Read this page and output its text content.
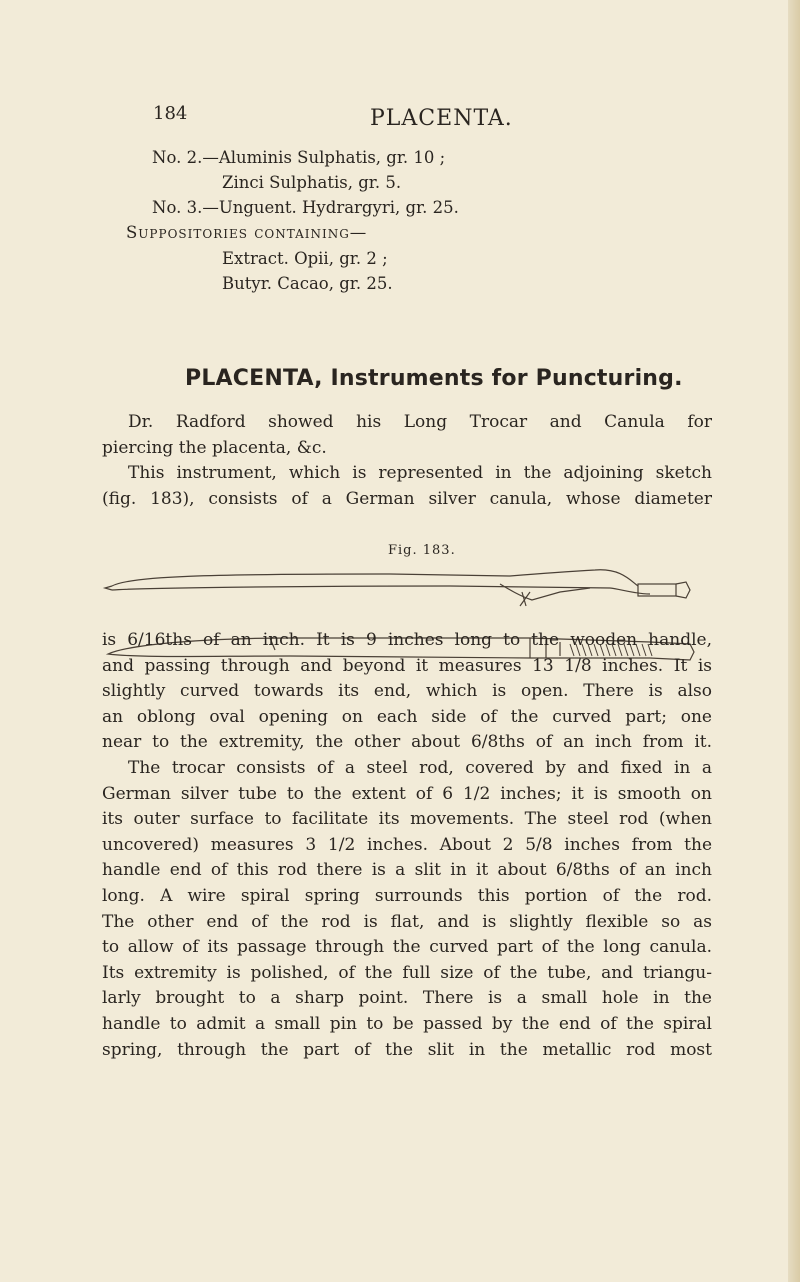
184	PLACENTA.
No. 2.—Aluminis Sulphatis, gr. 10 ;
Zinci Sulphatis, gr. 5.
No. 3.—Unguent. Hydrargyri, gr. 25.
Suppositories containing—
Extract. Opii, gr. 2 ;
Butyr. Cacao, gr. 25.
PLACENTA, Instruments for Puncturing.
Dr. Radford showed his Long Trocar and Canula for
piercing the placenta, &c.
This instrument, which is represented in the adjoining sketch
(fig. 183), consists of a German silver canula, whose diameter
Fig. 183.
is 6/16ths of an inch. It is 9 inches long to the wooden handle,
and passing through and beyond it measures 13 1/8 inches. It is
slightly curved towards its end, which is open. There is also
an oblong oval opening on each side of the curved part; one
near to the extremity, the other about 6/8ths of an inch from it.
The trocar consists of a steel rod, covered by and fixed in a
German silver tube to the extent of 6 1/2 inches; it is smooth on
its outer surface to facilitate its movements. The steel rod (when
uncovered) measures 3 1/2 inches. About 2 5/8 inches from the
handle end of this rod there is a slit in it about 6/8ths of an inch
long. A wire spiral spring surrounds this portion of the rod.
The other end of the rod is flat, and is slightly flexible so as
to allow of its passage through the curved part of the long canula.
Its extremity is polished, of the full size of the tube, and triangu-
larly brought to a sharp point. There is a small hole in the
handle to admit a small pin to be passed by the end of the spiral
spring, through the part of the slit in the metallic rod most
